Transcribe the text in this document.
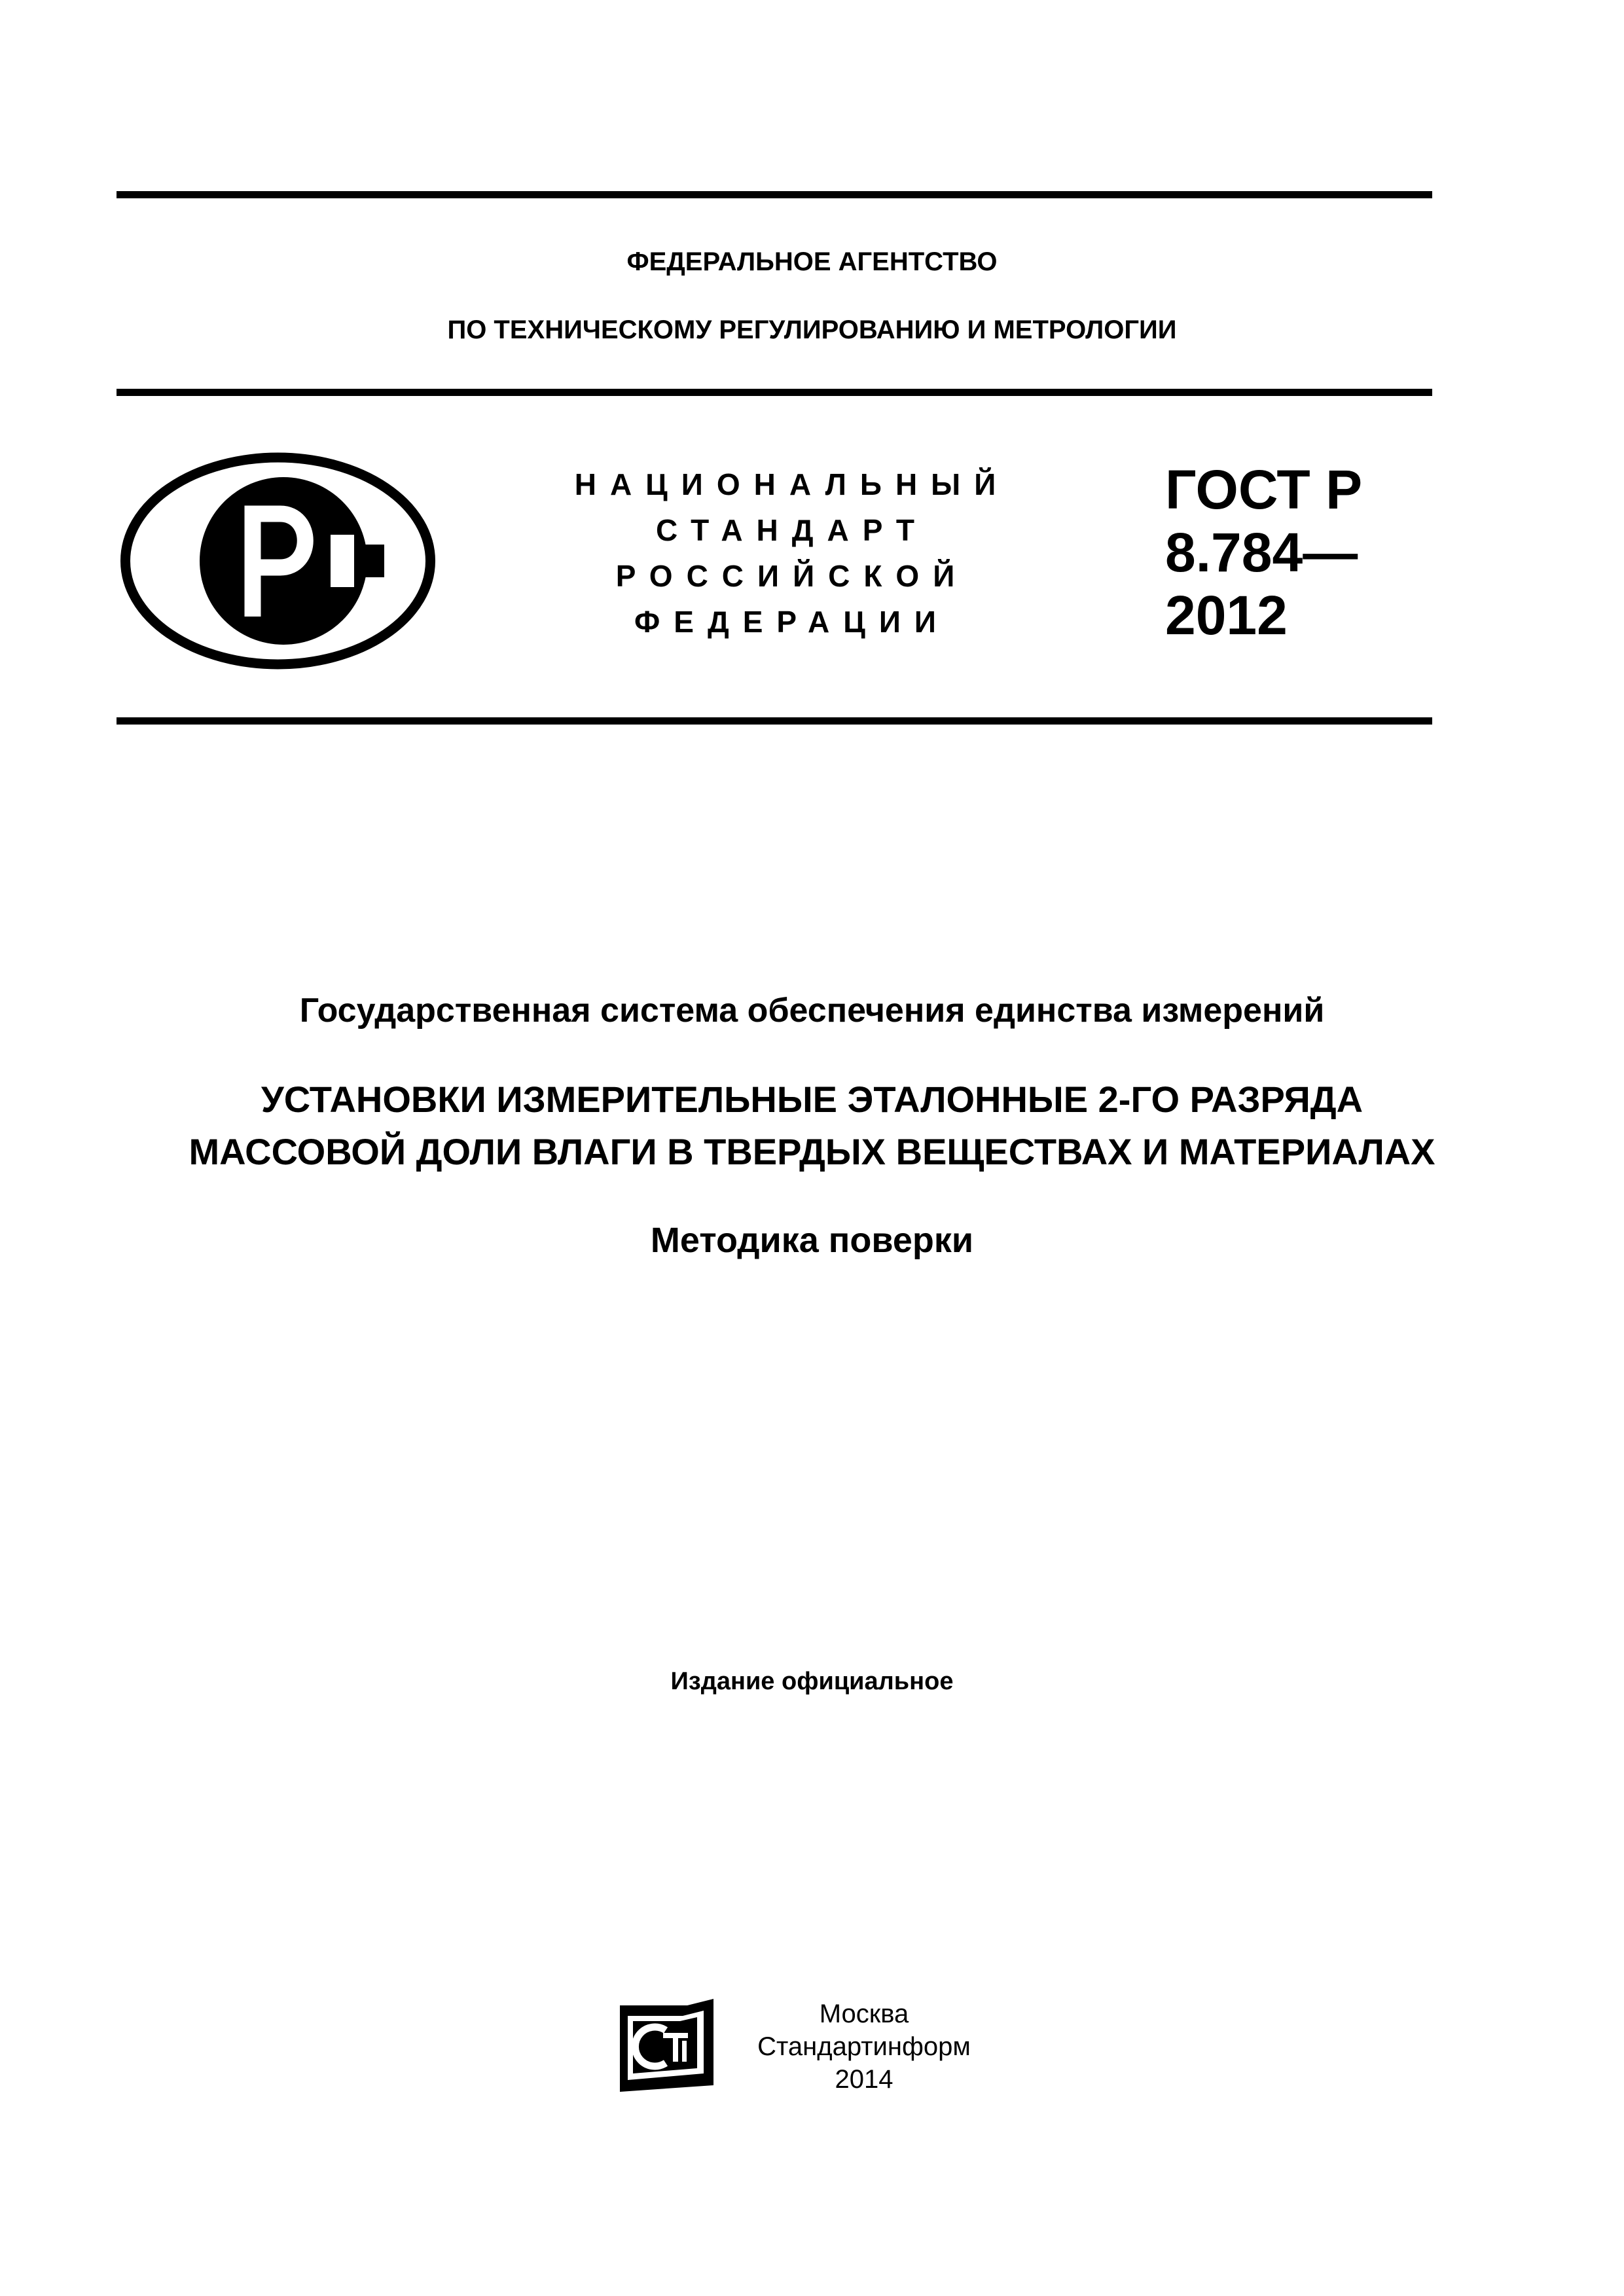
ФЕДЕРАЛЬНОЕ АГЕНТСТВО
ПО ТЕХНИЧЕСКОМУ РЕГУЛИРОВАНИЮ И МЕТРОЛОГИИ
НАЦИОНАЛЬНЫЙ
СТАНДАРТ
РОССИЙСКОЙ
ФЕДЕРАЦИИ
ГОСТ Р
8.784—
2012
Государственная система обеспечения единства измерений
УСТАНОВКИ ИЗМЕРИТЕЛЬНЫЕ ЭТАЛОННЫЕ 2-ГО РАЗРЯДА
МАССОВОЙ ДОЛИ ВЛАГИ В ТВЕРДЫХ ВЕЩЕСТВАХ И МАТЕРИАЛАХ
Методика поверки
Издание официальное
Москва
Стандартинформ
2014
